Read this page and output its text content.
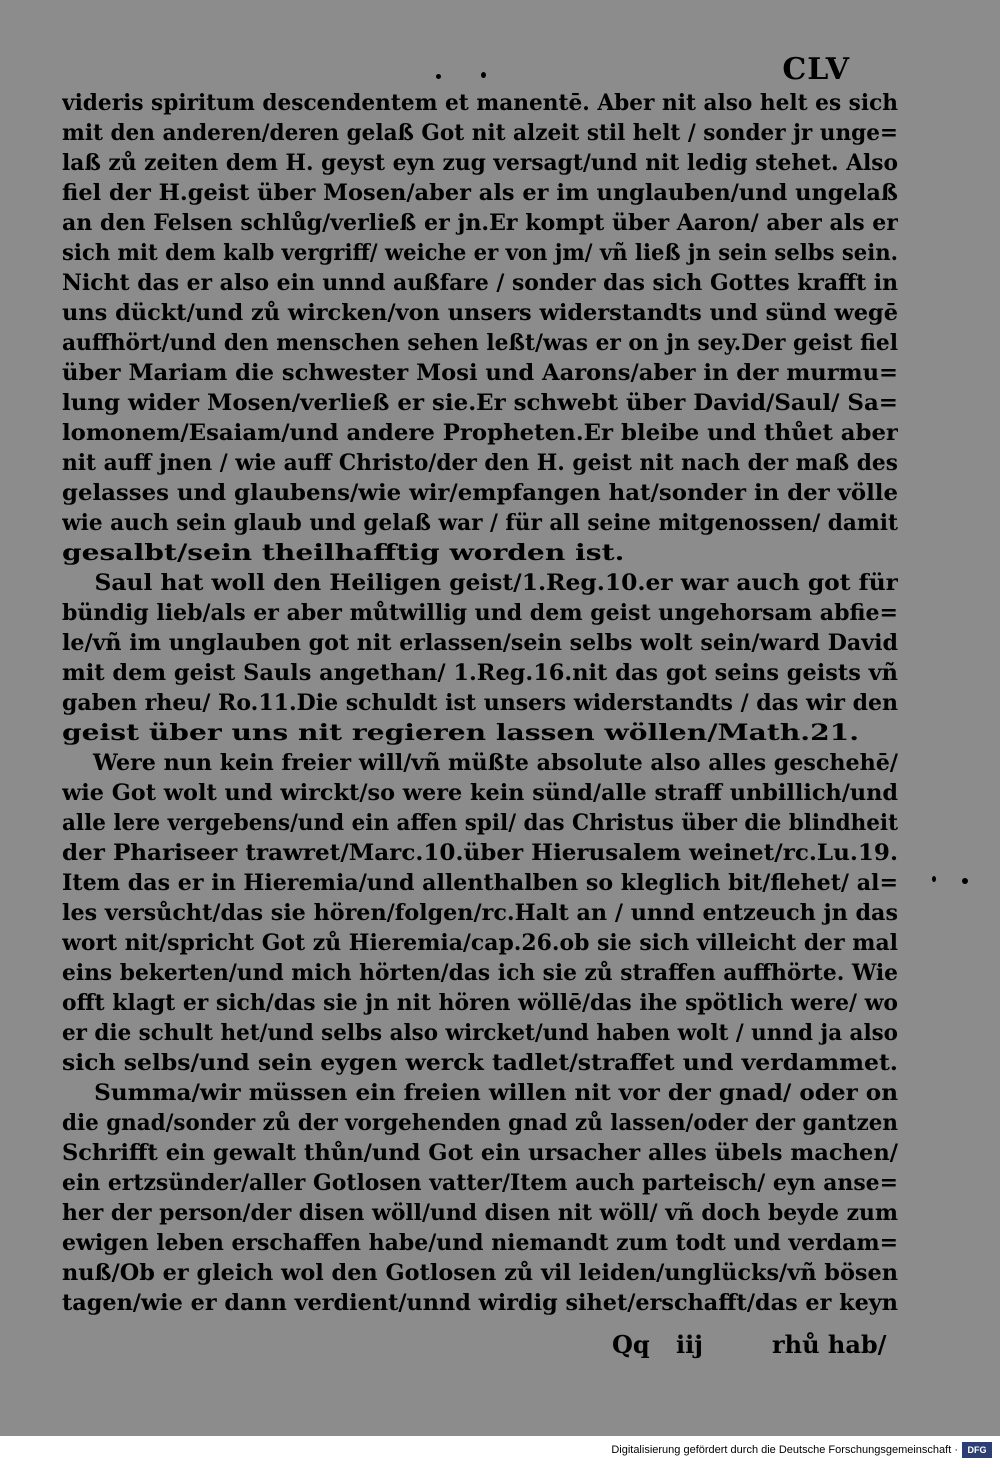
CLV
videris spiritum descendentem et manentē. Aber nit also helt es sich
mit den anderen/deren gelaß Got nit alzeit stil helt / sonder jr unge=
laß zů zeiten dem H. geyst eyn zug versagt/und nit ledig stehet. Also
fiel der H.geist über Mosen/aber als er im unglauben/und ungelaß
an den Felsen schlůg/verließ er jn.Er kompt über Aaron/ aber als er
sich mit dem kalb vergriff/ weiche er von jm/ vñ ließ jn sein selbs sein.
Nicht das er also ein unnd außfare / sonder das sich Gottes krafft in
uns dückt/und zů wircken/von unsers widerstandts und sünd wegē
auffhört/und den menschen sehen leßt/was er on jn sey.Der geist fiel
über Mariam die schwester Mosi und Aarons/aber in der murmu=
lung wider Mosen/verließ er sie.Er schwebt über David/Saul/ Sa=
lomonem/Esaiam/und andere Propheten.Er bleibe und thůet aber
nit auff jnen / wie auff Christo/der den H. geist nit nach der maß des
gelasses und glaubens/wie wir/empfangen hat/sonder in der völle
wie auch sein glaub und gelaß war / für all seine mitgenossen/ damit
gesalbt/sein theilhafftig worden ist.
Saul hat woll den Heiligen geist/1.Reg.10.er war auch got für
bündig lieb/als er aber můtwillig und dem geist ungehorsam abfie=
le/vñ im unglauben got nit erlassen/sein selbs wolt sein/ward David
mit dem geist Sauls angethan/ 1.Reg.16.nit das got seins geists vñ
gaben rheu/ Ro.11.Die schuldt ist unsers widerstandts / das wir den
geist über uns nit regieren lassen wöllen/Math.21.
Were nun kein freier will/vñ müßte absolute also alles geschehē/
wie Got wolt und wirckt/so were kein sünd/alle straff unbillich/und
alle lere vergebens/und ein affen spil/ das Christus über die blindheit
der Phariseer trawret/Marc.10.über Hierusalem weinet/rc.Lu.19.
Item das er in Hieremia/und allenthalben so kleglich bit/flehet/ al=
les versůcht/das sie hören/folgen/rc.Halt an / unnd entzeuch jn das
wort nit/spricht Got zů Hieremia/cap.26.ob sie sich villeicht der mal
eins bekerten/und mich hörten/das ich sie zů straffen auffhörte. Wie
offt klagt er sich/das sie jn nit hören wöllē/das ihe spötlich were/ wo
er die schult het/und selbs also wircket/und haben wolt / unnd ja also
sich selbs/und sein eygen werck tadlet/straffet und verdammet.
Summa/wir müssen ein freien willen nit vor der gnad/ oder on
die gnad/sonder zů der vorgehenden gnad zů lassen/oder der gantzen
Schrifft ein gewalt thůn/und Got ein ursacher alles übels machen/
ein ertzsünder/aller Gotlosen vatter/Item auch parteisch/ eyn anse=
her der person/der disen wöll/und disen nit wöll/ vñ doch beyde zum
ewigen leben erschaffen habe/und niemandt zum todt und verdam=
nuß/Ob er gleich wol den Gotlosen zů vil leiden/unglücks/vñ bösen
tagen/wie er dann verdient/unnd wirdig sihet/erschafft/das er keyn
Qq iij	rhů hab/
Digitalisierung gefördert durch die Deutsche Forschungsgemeinschaft · DFG
